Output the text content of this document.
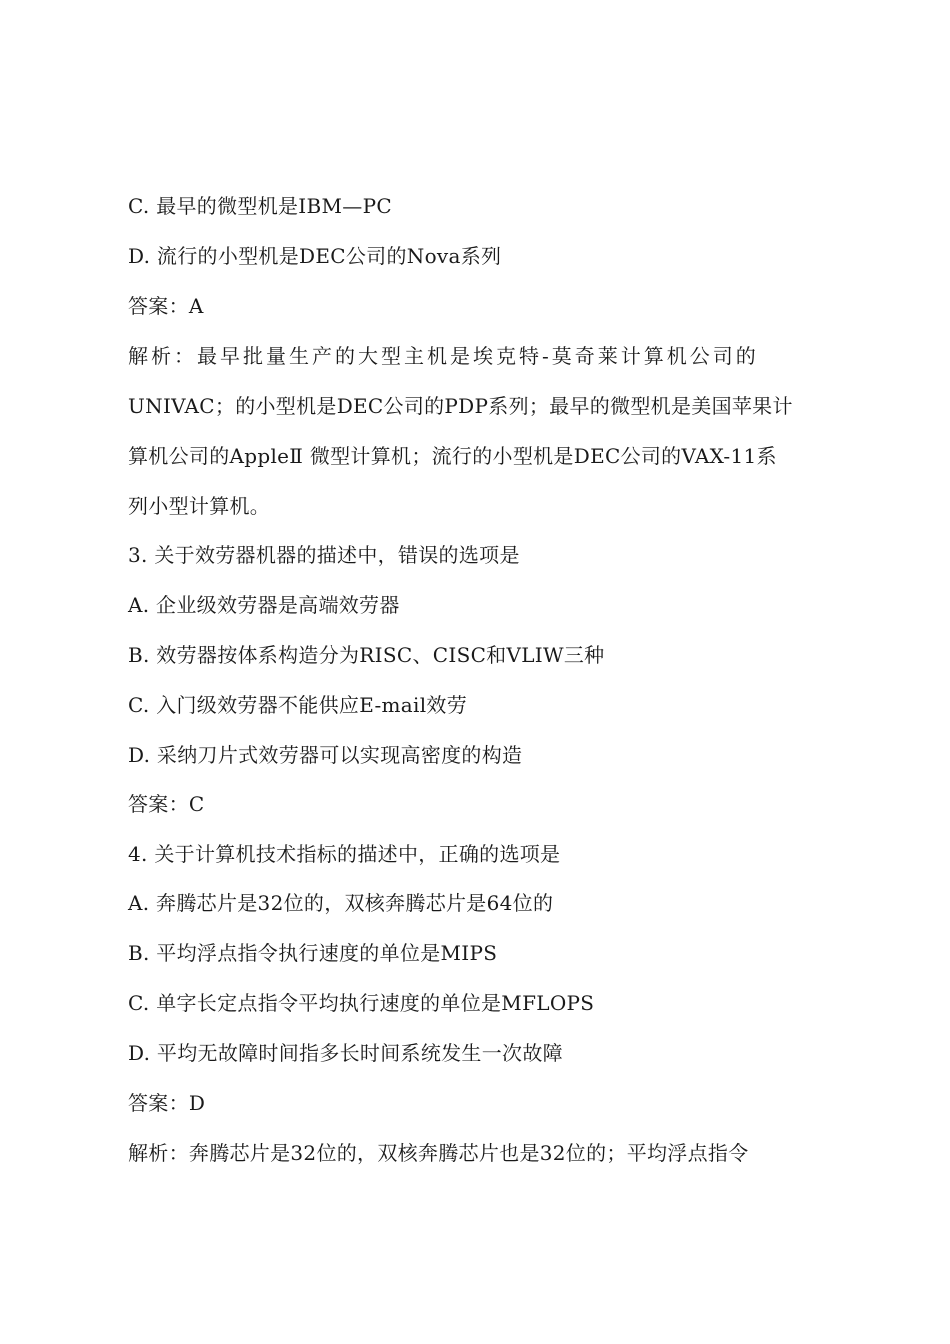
C. 最早的微型机是IBM—PC
D. 流行的小型机是DEC公司的Nova系列
答案：A
解析：最早批量生产的大型主机是埃克特-莫奇莱计算机公司的
UNIVAC；的小型机是DEC公司的PDP系列；最早的微型机是美国苹果计
算机公司的AppleⅡ 微型计算机；流行的小型机是DEC公司的VAX-11系
列小型计算机。
3. 关于效劳器机器的描述中，错误的选项是
A. 企业级效劳器是高端效劳器
B. 效劳器按体系构造分为RISC、CISC和VLIW三种
C. 入门级效劳器不能供应E-mail效劳
D. 采纳刀片式效劳器可以实现高密度的构造
答案：C
4. 关于计算机技术指标的描述中，正确的选项是
A. 奔腾芯片是32位的，双核奔腾芯片是64位的
B. 平均浮点指令执行速度的单位是MIPS
C. 单字长定点指令平均执行速度的单位是MFLOPS
D. 平均无故障时间指多长时间系统发生一次故障
答案：D
解析：奔腾芯片是32位的，双核奔腾芯片也是32位的；平均浮点指令
